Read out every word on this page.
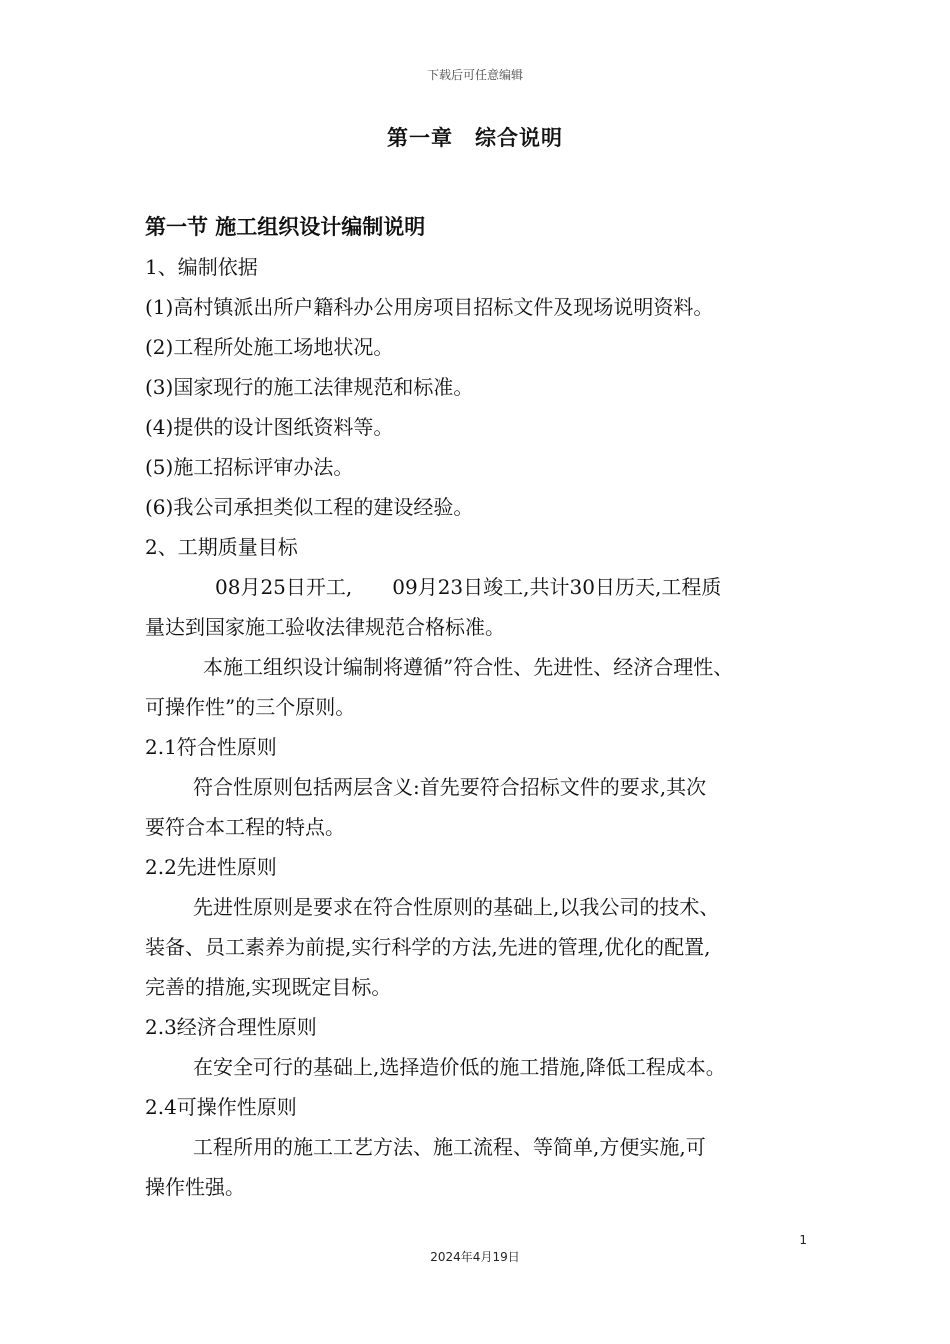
下载后可任意编辑
第一章　综合说明
第一节 施工组织设计编制说明
1、编制依据
(1)高村镇派出所户籍科办公用房项目招标文件及现场说明资料。
(2)工程所处施工场地状况。
(3)国家现行的施工法律规范和标准。
(4)提供的设计图纸资料等。
(5)施工招标评审办法。
(6)我公司承担类似工程的建设经验。
2、工期质量目标
08月25日开工,　　09月23日竣工,共计30日历天,工程质
量达到国家施工验收法律规范合格标准。
本施工组织设计编制将遵循”符合性、先进性、经济合理性、
可操作性”的三个原则。
2.1符合性原则
符合性原则包括两层含义:首先要符合招标文件的要求,其次
要符合本工程的特点。
2.2先进性原则
先进性原则是要求在符合性原则的基础上,以我公司的技术、
装备、员工素养为前提,实行科学的方法,先进的管理,优化的配置,
完善的措施,实现既定目标。
2.3经济合理性原则
在安全可行的基础上,选择造价低的施工措施,降低工程成本。
2.4可操作性原则
工程所用的施工工艺方法、施工流程、等简单,方便实施,可
操作性强。
1
2024年4月19日
